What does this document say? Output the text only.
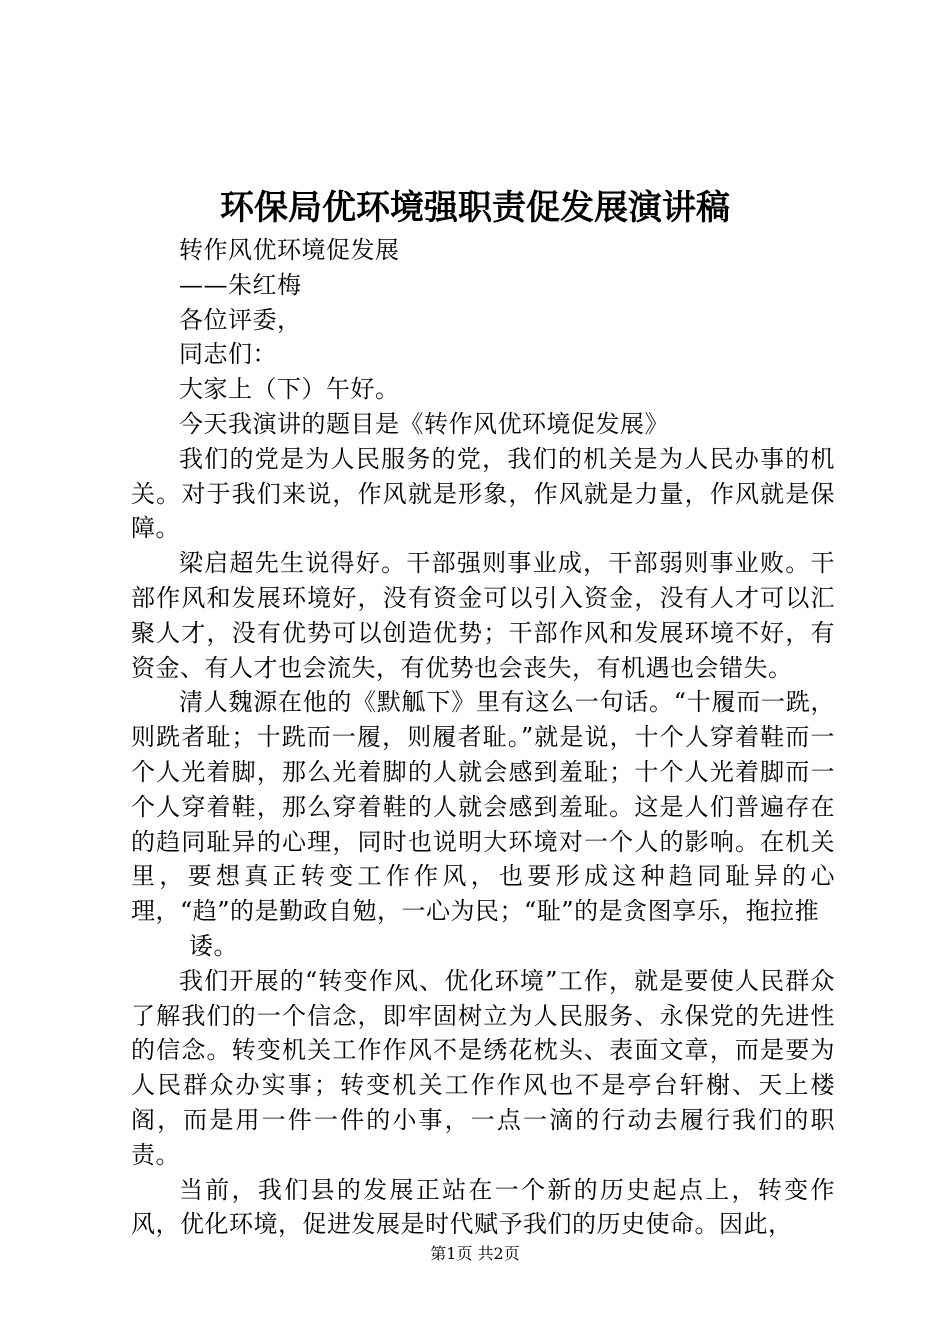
环保局优环境强职责促发展演讲稿
转作风优环境促发展
——朱红梅
各位评委，
同志们：
大家上（下）午好。
今天我演讲的题目是《转作风优环境促发展》
我们的党是为人民服务的党，我们的机关是为人民办事的机关。对于我们来说，作风就是形象，作风就是力量，作风就是保障。
梁启超先生说得好。干部强则事业成，干部弱则事业败。干部作风和发展环境好，没有资金可以引入资金，没有人才可以汇聚人才，没有优势可以创造优势；干部作风和发展环境不好，有资金、有人才也会流失，有优势也会丧失，有机遇也会错失。
清人魏源在他的《默觚下》里有这么一句话。“十履而一跣，则跣者耻；十跣而一履，则履者耻。”就是说，十个人穿着鞋而一个人光着脚，那么光着脚的人就会感到羞耻；十个人光着脚而一个人穿着鞋，那么穿着鞋的人就会感到羞耻。这是人们普遍存在的趋同耻异的心理，同时也说明大环境对一个人的影响。在机关里，要想真正转变工作作风，也要形成这种趋同耻异的心理，“趋”的是勤政自勉，一心为民；“耻”的是贪图享乐，拖拉推
诿。
我们开展的“转变作风、优化环境”工作，就是要使人民群众了解我们的一个信念，即牢固树立为人民服务、永保党的先进性的信念。转变机关工作作风不是绣花枕头、表面文章，而是要为人民群众办实事；转变机关工作作风也不是亭台轩榭、天上楼阁，而是用一件一件的小事，一点一滴的行动去履行我们的职责。
当前，我们县的发展正站在一个新的历史起点上，转变作风，优化环境，促进发展是时代赋予我们的历史使命。因此，
第1页 共2页
